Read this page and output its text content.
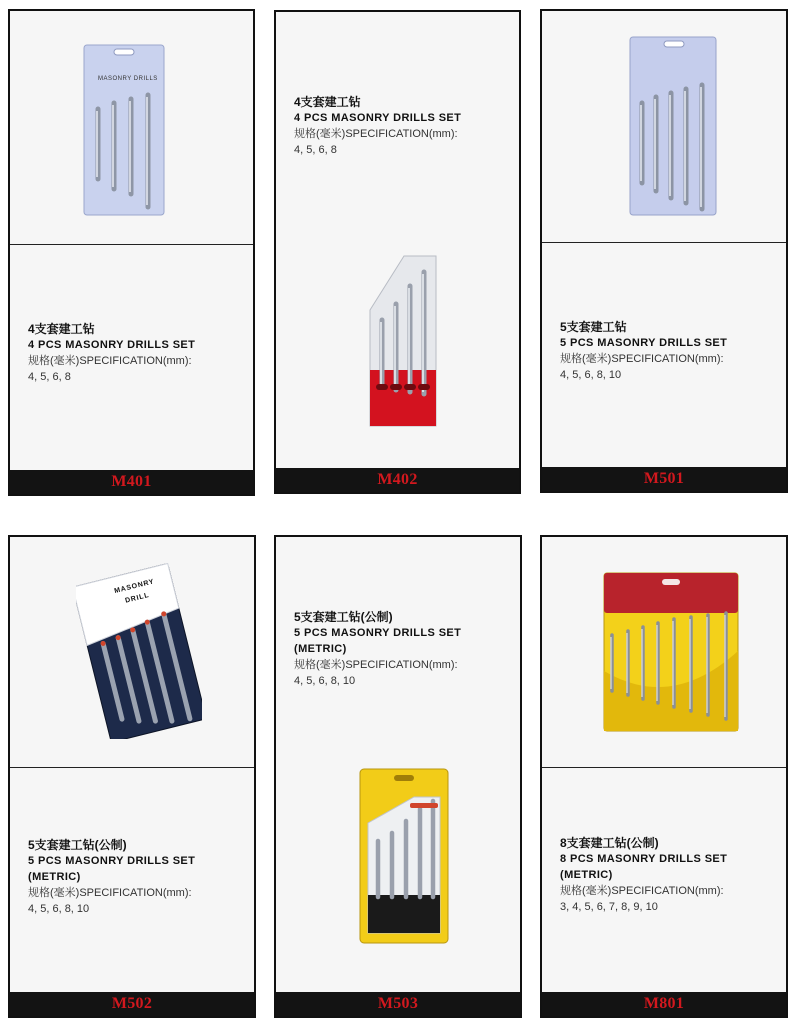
MASONRY DRILLS
4支套建工钻
4 PCS MASONRY DRILLS SET
规格(毫米)SPECIFICATION(mm):
4, 5, 6, 8
M401
4支套建工钻
4 PCS MASONRY DRILLS SET
规格(毫米)SPECIFICATION(mm):
4, 5, 6, 8
M402
5支套建工钻
5 PCS MASONRY DRILLS SET
规格(毫米)SPECIFICATION(mm):
4, 5, 6, 8, 10
M501
MASONRY DRILL
5支套建工钻(公制)
5 PCS MASONRY DRILLS SET
(METRIC)
规格(毫米)SPECIFICATION(mm):
4, 5, 6, 8, 10
M502
5支套建工钻(公制)
5 PCS MASONRY DRILLS SET
(METRIC)
规格(毫米)SPECIFICATION(mm):
4, 5, 6, 8, 10
M503
8支套建工钻(公制)
8 PCS MASONRY DRILLS SET
(METRIC)
规格(毫米)SPECIFICATION(mm):
3, 4, 5, 6, 7, 8, 9, 10
M801
